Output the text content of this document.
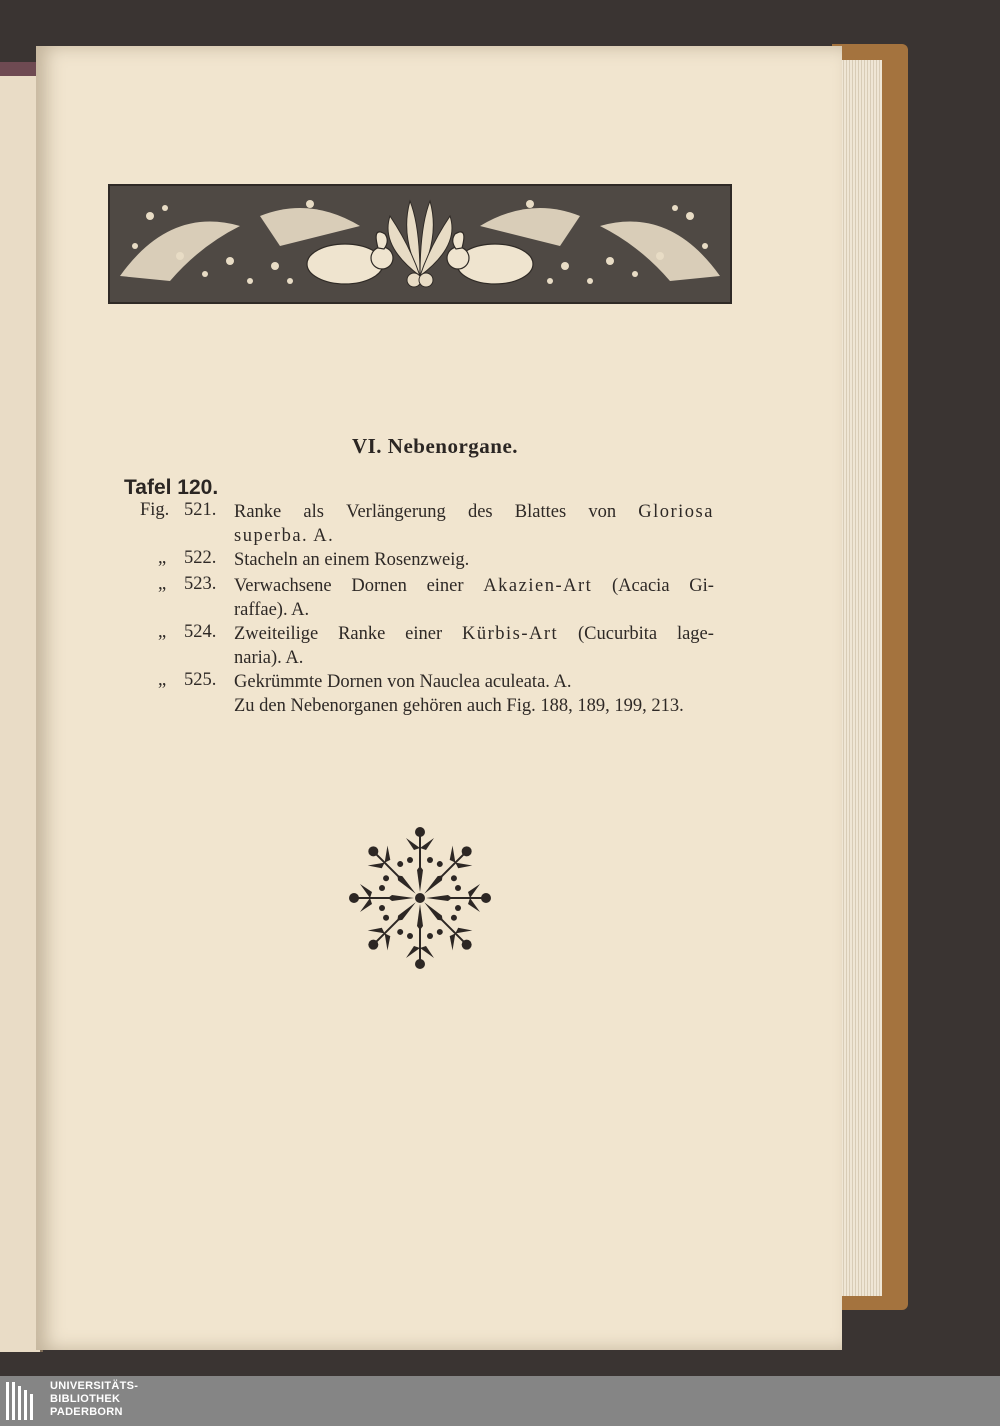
VI. Nebenorgane.
Tafel 120.
Fig. 521. Ranke als Verlängerung des Blattes von Gloriosa
superba. A.
„ 522. Stacheln an einem Rosenzweig.
„ 523. Verwachsene Dornen einer Akazien-Art (Acacia Gi-
raffae). A.
„ 524. Zweiteilige Ranke einer Kürbis-Art (Cucurbita lage-
naria). A.
„ 525. Gekrümmte Dornen von Nauclea aculeata. A.
Zu den Nebenorganen gehören auch Fig. 188, 189, 199, 213.
UNIVERSITÄTS-
BIBLIOTHEK
PADERBORN
